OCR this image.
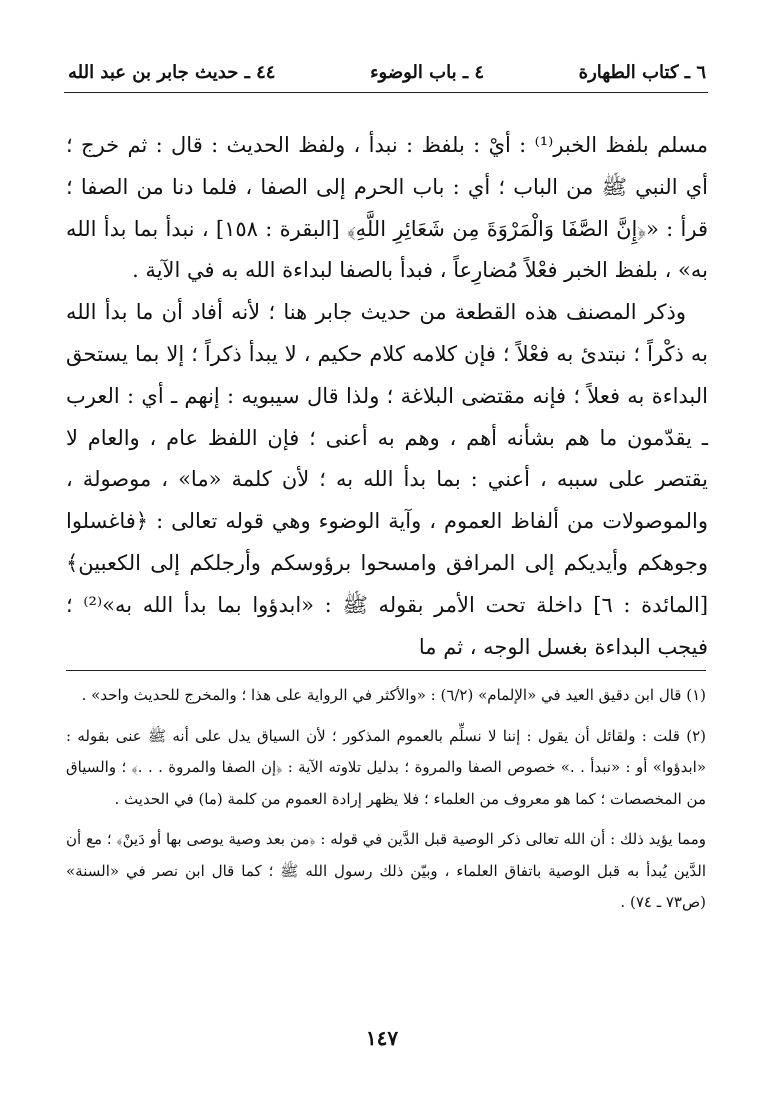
٦ ـ كتاب الطهارة
٤ ـ باب الوضوء
٤٤ ـ حديث جابر بن عبد الله

مسلم بلفظ الخبر⁽¹⁾ : أيْ : بلفظ : نبدأ ، ولفظ الحديث : قال : ثم خرج ؛ أي النبي ﷺ من الباب ؛ أي : باب الحرم إلى الصفا ، فلما دنا من الصفا ؛ قرأ : «﴿إِنَّ الصَّفَا وَالْمَرْوَةَ مِن شَعَائِرِ اللَّهِ﴾ [البقرة : ١٥٨] ، نبدأ بما بدأ الله به» ، بلفظ الخبر فعْلاً مُضارِعاً ، فبدأ بالصفا لبداءة الله به في الآية .

وذكر المصنف هذه القطعة من حديث جابر هنا ؛ لأنه أفاد أن ما بدأ الله به ذكْراً ؛ نبتدئ به فعْلاً ؛ فإن كلامه كلام حكيم ، لا يبدأ ذكراً ؛ إلا بما يستحق البداءة به فعلاً ؛ فإنه مقتضى البلاغة ؛ ولذا قال سيبويه : إنهم ـ أي : العرب ـ يقدّمون ما هم بشأنه أهم ، وهم به أعنى ؛ فإن اللفظ عام ، والعام لا يقتصر على سببه ، أعني : بما بدأ الله به ؛ لأن كلمة «ما» ، موصولة ، والموصولات من ألفاظ العموم ، وآية الوضوء وهي قوله تعالى : ﴿فاغسلوا وجوهكم وأيديكم إلى المرافق وامسحوا برؤوسكم وأرجلكم إلى الكعبين﴾ [المائدة : ٦] داخلة تحت الأمر بقوله ﷺ : «ابدؤوا بما بدأ الله به»⁽²⁾ ؛ فيجب البداءة بغسل الوجه ، ثم ما

(١) قال ابن دقيق العيد في «الإلمام» (٦/٢) : «والأكثر في الرواية على هذا ؛ والمخرج للحديث واحد» .

(٢) قلت : ولقائل أن يقول : إننا لا نسلِّم بالعموم المذكور ؛ لأن السياق يدل على أنه ﷺ عنى بقوله : «ابدؤوا» أو : «نبدأ . .» خصوص الصفا والمروة ؛ بدليل تلاوته الآية : ﴿إن الصفا والمروة . . .﴾ ؛ والسياق من المخصصات ؛ كما هو معروف من العلماء ؛ فلا يظهر إرادة العموم من كلمة (ما) في الحديث .

ومما يؤيد ذلك : أن الله تعالى ذكر الوصية قبل الدَّين في قوله : ﴿من بعد وصية يوصى بها أو دَينْ﴾ ؛ مع أن الدَّين يُبدأ به قبل الوصية باتفاق العلماء ، وبيّن ذلك رسول الله ﷺ ؛ كما قال ابن نصر في «السنة» (ص٧٣ ـ ٧٤) .

١٤٧
